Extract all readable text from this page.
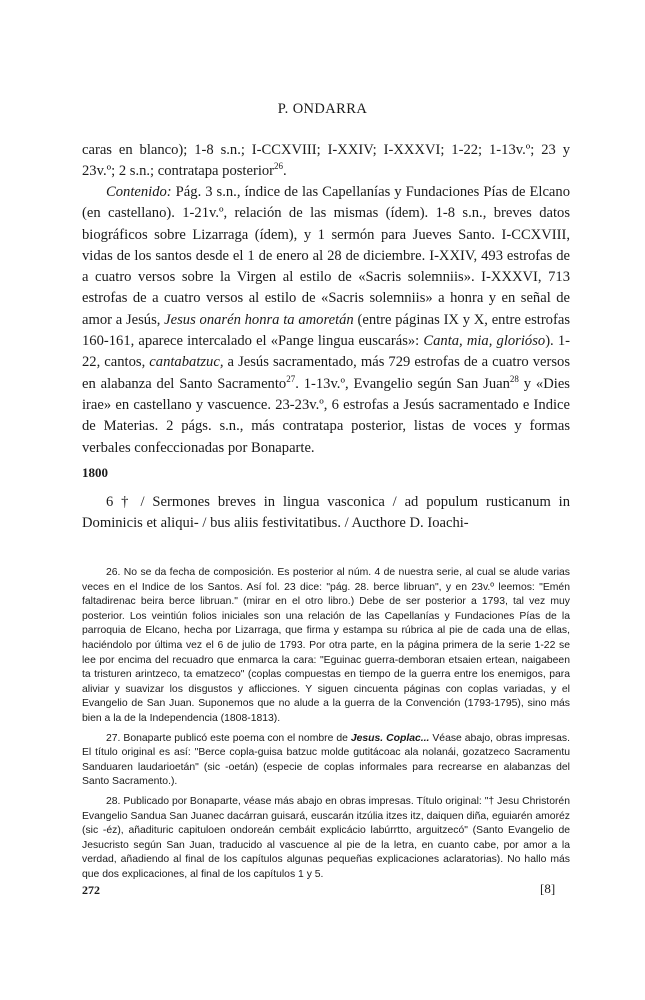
P. ONDARRA
caras en blanco); 1-8 s.n.; I-CCXVIII; I-XXIV; I-XXXVI; 1-22; 1-13v.º; 23 y 23v.º; 2 s.n.; contratapa posterior$^{26}$.
Contenido: Pág. 3 s.n., índice de las Capellanías y Fundaciones Pías de Elcano (en castellano). 1-21v.º, relación de las mismas (ídem). 1-8 s.n., breves datos biográficos sobre Lizarraga (ídem), y 1 sermón para Jueves Santo. I-CCXVIII, vidas de los santos desde el 1 de enero al 28 de diciembre. I-XXIV, 493 estrofas de a cuatro versos sobre la Virgen al estilo de «Sacris solemniis». I-XXXVI, 713 estrofas de a cuatro versos al estilo de «Sacris solemniis» a honra y en señal de amor a Jesús, Jesus onarén honra ta amoretán (entre páginas IX y X, entre estrofas 160-161, aparece intercalado el «Pange lingua euscarás»: Canta, mia, glorióso). 1-22, cantos, cantabatzuc, a Jesús sacramentado, más 729 estrofas de a cuatro versos en alabanza del Santo Sacramento$^{27}$. 1-13v.º, Evangelio según San Juan$^{28}$ y «Dies irae» en castellano y vascuence. 23-23v.º, 6 estrofas a Jesús sacramentado e Indice de Materias. 2 págs. s.n., más contratapa posterior, listas de voces y formas verbales confeccionadas por Bonaparte.
1800
6 † / Sermones breves in lingua vasconica / ad populum rusticanum in Dominicis et aliqui- / bus aliis festivitatibus. / Aucthore D. Ioachi-

26. No se da fecha de composición. Es posterior al núm. 4 de nuestra serie, al cual se alude varias veces en el Indice de los Santos. Así fol. 23 dice: "pág. 28. berce libruan", y en 23v.º leemos: "Emén faltadirenac beira berce libruan." (mirar en el otro libro.) Debe de ser posterior a 1793, tal vez muy posterior. Los veintiún folios iniciales son una relación de las Capellanías y Fundaciones Pías de la parroquia de Elcano, hecha por Lizarraga, que firma y estampa su rúbrica al pie de cada una de ellas, haciéndolo por última vez el 6 de julio de 1793. Por otra parte, en la página primera de la serie 1-22 se lee por encima del recuadro que enmarca la cara: "Eguinac guerra-demboran etsaien ertean, naigabeen ta tristuren arintzeco, ta ematzeco" (coplas compuestas en tiempo de la guerra entre los enemigos, para aliviar y suavizar los disgustos y aflicciones. Y siguen cincuenta páginas con coplas variadas, y el Evangelio de San Juan. Suponemos que no alude a la guerra de la Convención (1793-1795), sino más bien a la de la Independencia (1808-1813).

27. Bonaparte publicó este poema con el nombre de Jesus. Coplac... Véase abajo, obras impresas. El título original es así: "Berce copla-guisa batzuc molde gutitácoac ala nolanái, gozatzeco Sacramentu Sanduaren laudarioetán" (sic -oetán) (especie de coplas informales para recrearse en alabanzas del Santo Sacramento.).

28. Publicado por Bonaparte, véase más abajo en obras impresas. Título original: "† Jesu Christorén Evangelio Sandua San Juanec dacárran guisará, euscarán itzúlia itzes itz, daiquen diña, eguiarén amoréz (sic -éz), añadituric capituloen ondoreán cembáit explicácio labúrrtto, arguitzecó" (Santo Evangelio de Jesucristo según San Juan, traducido al vascuence al pie de la letra, en cuanto cabe, por amor a la verdad, añadiendo al final de los capítulos algunas pequeñas explicaciones aclaratorias). No hallo más que dos explicaciones, al final de los capítulos 1 y 5.

272	[8]
